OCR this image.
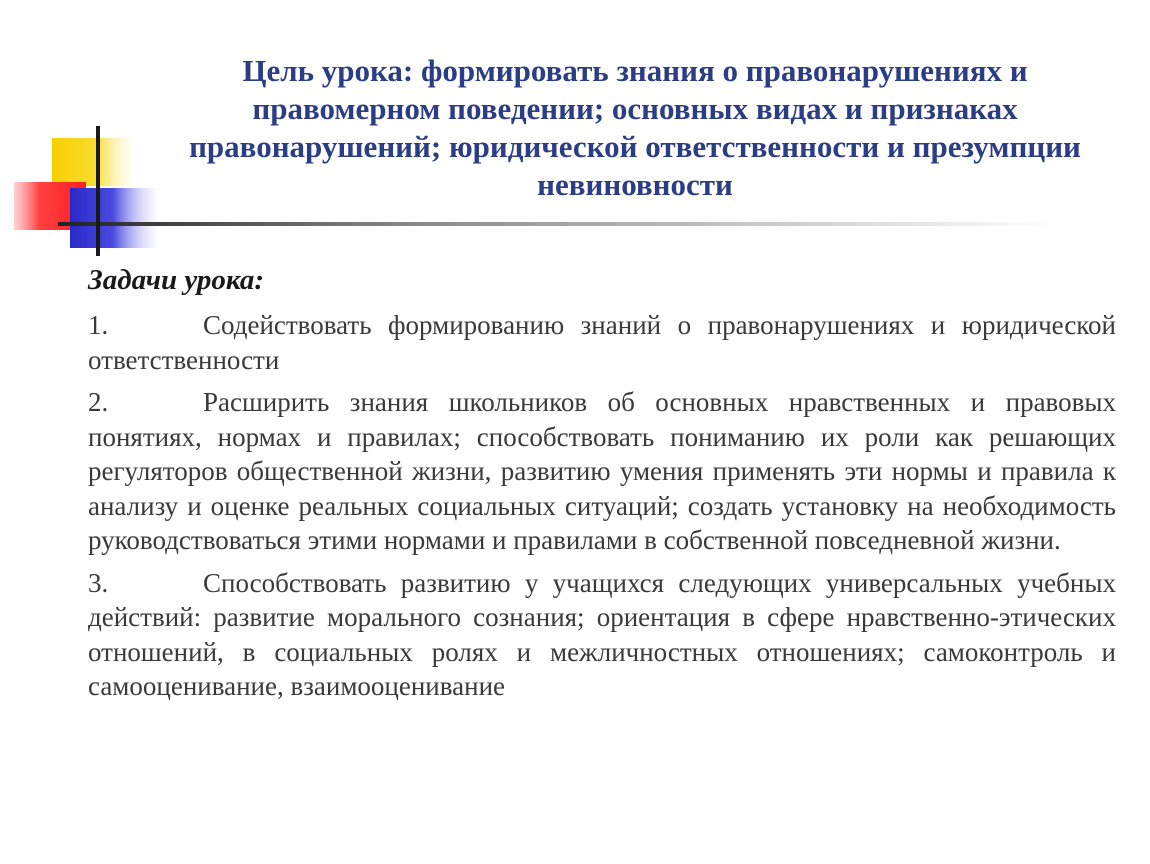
Цель урока: формировать знания о правонарушениях и правомерном поведении; основных видах и признаках правонарушений; юридической ответственности и презумпции невиновности
Задачи урока:
1.	Содействовать формированию знаний о правонарушениях и юридической ответственности
2.	Расширить знания школьников об основных нравственных и правовых понятиях, нормах и правилах; способствовать пониманию их роли как решающих регуляторов общественной жизни, развитию умения применять эти нормы и правила к анализу и оценке реальных социальных ситуаций; создать установку на необходимость руководствоваться этими нормами и правилами в собственной повседневной жизни.
3.	Способствовать развитию у учащихся следующих универсальных учебных действий: развитие морального сознания; ориентация в сфере нравственно-этических отношений, в социальных ролях и межличностных отношениях; самоконтроль и самооценивание, взаимооценивание
